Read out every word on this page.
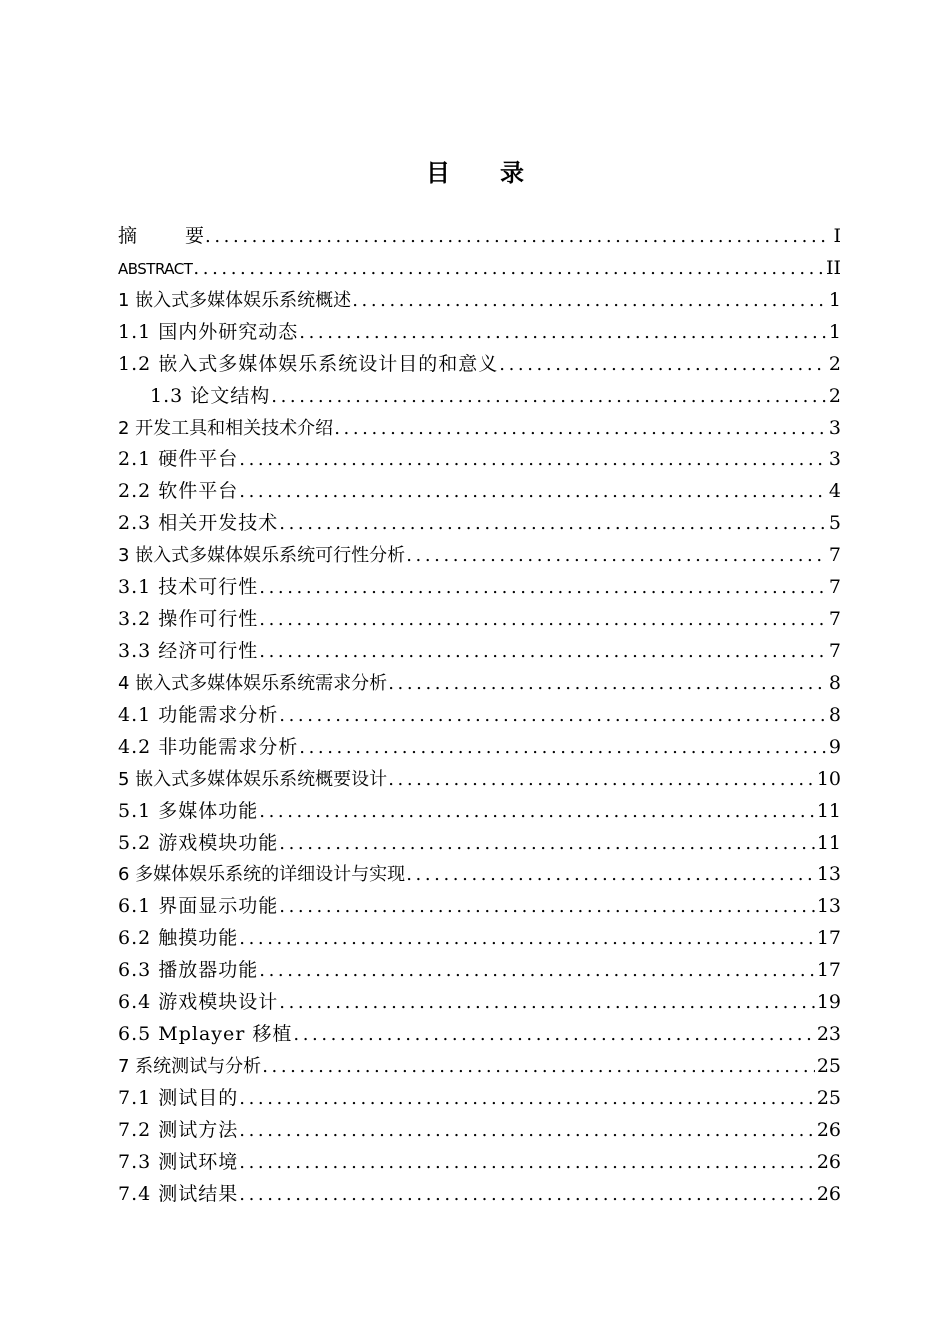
目 录
摘	要 .....	I
ABSTRACT .....	II
1 嵌入式多媒体娱乐系统概述 .....	1
1.1 国内外研究动态 .....	1
1.2 嵌入式多媒体娱乐系统设计目的和意义 .....	2
1.3 论文结构 .....	2
2 开发工具和相关技术介绍 .....	3
2.1 硬件平台 .....	3
2.2 软件平台 .....	4
2.3 相关开发技术 .....	5
3 嵌入式多媒体娱乐系统可行性分析 .....	7
3.1 技术可行性 .....	7
3.2 操作可行性 .....	7
3.3 经济可行性 .....	7
4 嵌入式多媒体娱乐系统需求分析 .....	8
4.1 功能需求分析 .....	8
4.2 非功能需求分析 .....	9
5 嵌入式多媒体娱乐系统概要设计 .....	10
5.1 多媒体功能 .....	11
5.2 游戏模块功能 .....	11
6 多媒体娱乐系统的详细设计与实现 .....	13
6.1 界面显示功能 .....	13
6.2 触摸功能 .....	17
6.3 播放器功能 .....	17
6.4 游戏模块设计 .....	19
6.5 Mplayer 移植 .....	23
7 系统测试与分析 .....	25
7.1 测试目的 .....	25
7.2 测试方法 .....	26
7.3 测试环境 .....	26
7.4 测试结果 .....	26
